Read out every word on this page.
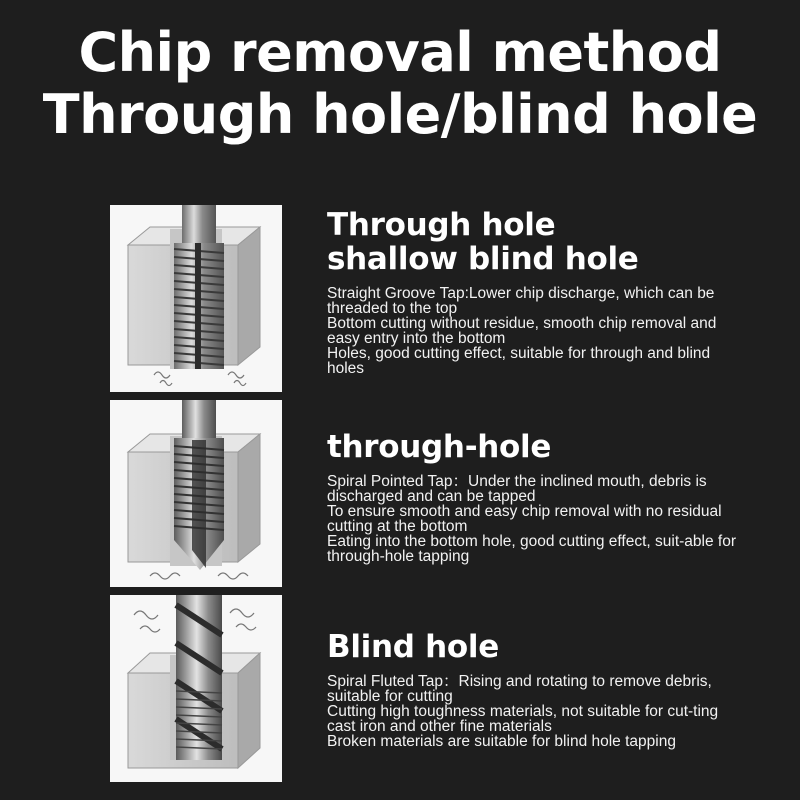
Chip removal method
Through hole/blind hole
Through hole
shallow blind hole
Straight Groove Tap:Lower chip discharge, which can be threaded to the top
Bottom cutting without residue, smooth chip removal and easy entry into the bottom
Holes, good cutting effect, suitable for through and blind holes
through-hole
Spiral Pointed Tap：Under the inclined mouth, debris is discharged and can be tapped
To ensure smooth and easy chip removal with no residual cutting at the bottom
Eating into the bottom hole, good cutting effect, suit-able for through-hole tapping
Blind hole
Spiral Fluted Tap：Rising and rotating to remove debris, suitable for cutting
Cutting high toughness materials, not suitable for cut-ting cast iron and other fine materials
Broken materials are suitable for blind hole tapping
